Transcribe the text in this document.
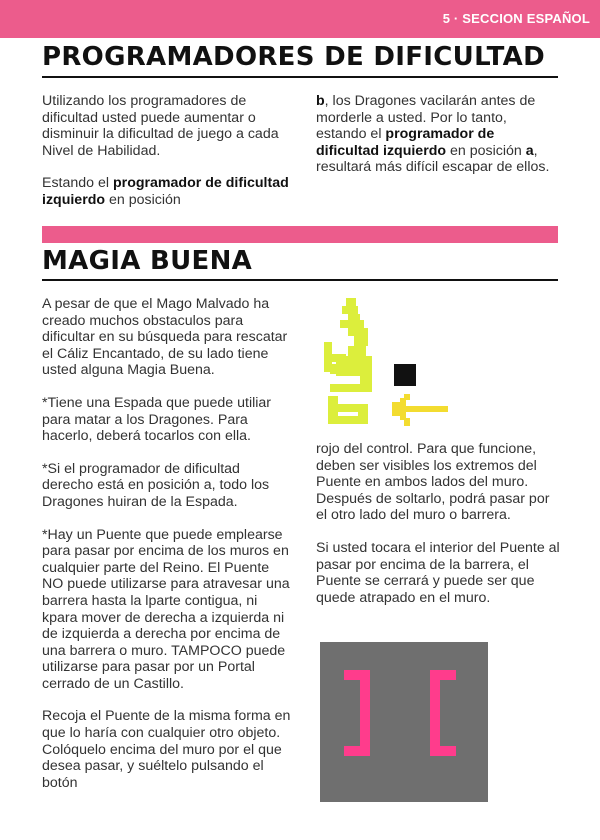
5 · SECCION ESPAÑOL
PROGRAMADORES DE DIFICULTAD

Utilizando los programadores de dificultad usted puede aumentar o disminuir la dificultad de juego a cada Nivel de Habilidad.

Estando el programador de dificultad izquierdo en posición

b, los Dragones vacilarán antes de morderle a usted. Por lo tanto, estando el programador de dificultad izquierdo en posición a, resultará más difícil escapar de ellos.

MAGIA BUENA

A pesar de que el Mago Malvado ha creado muchos obstaculos para dificultar en su búsqueda para rescatar el Cáliz Encantado, de su lado tiene usted alguna Magia Buena.

*Tiene una Espada que puede utiliar para matar a los Dragones. Para hacerlo, deberá tocarlos con ella.

*Si el programador de dificultad derecho está en posición a, todo los Dragones huiran de la Espada.

*Hay un Puente que puede emplearse para pasar por encima de los muros en cualquier parte del Reino. El Puente NO puede utilizarse para atravesar una barrera hasta la lparte contigua, ni kpara mover de derecha a izquierda ni de izquierda a derecha por encima de una barrera o muro. TAMPOCO puede utilizarse para pasar por un Portal cerrado de un Castillo.

Recoja el Puente de la misma forma en que lo haría con cualquier otro objeto. Colóquelo encima del muro por el que desea pasar, y suéltelo pulsando el botón

rojo del control. Para que funcione, deben ser visibles los extremos del Puente en ambos lados del muro. Después de soltarlo, podrá pasar por el otro lado del muro o barrera.

Si usted tocara el interior del Puente al pasar por encima de la barrera, el Puente se cerrará y puede ser que quede atrapado en el muro.
